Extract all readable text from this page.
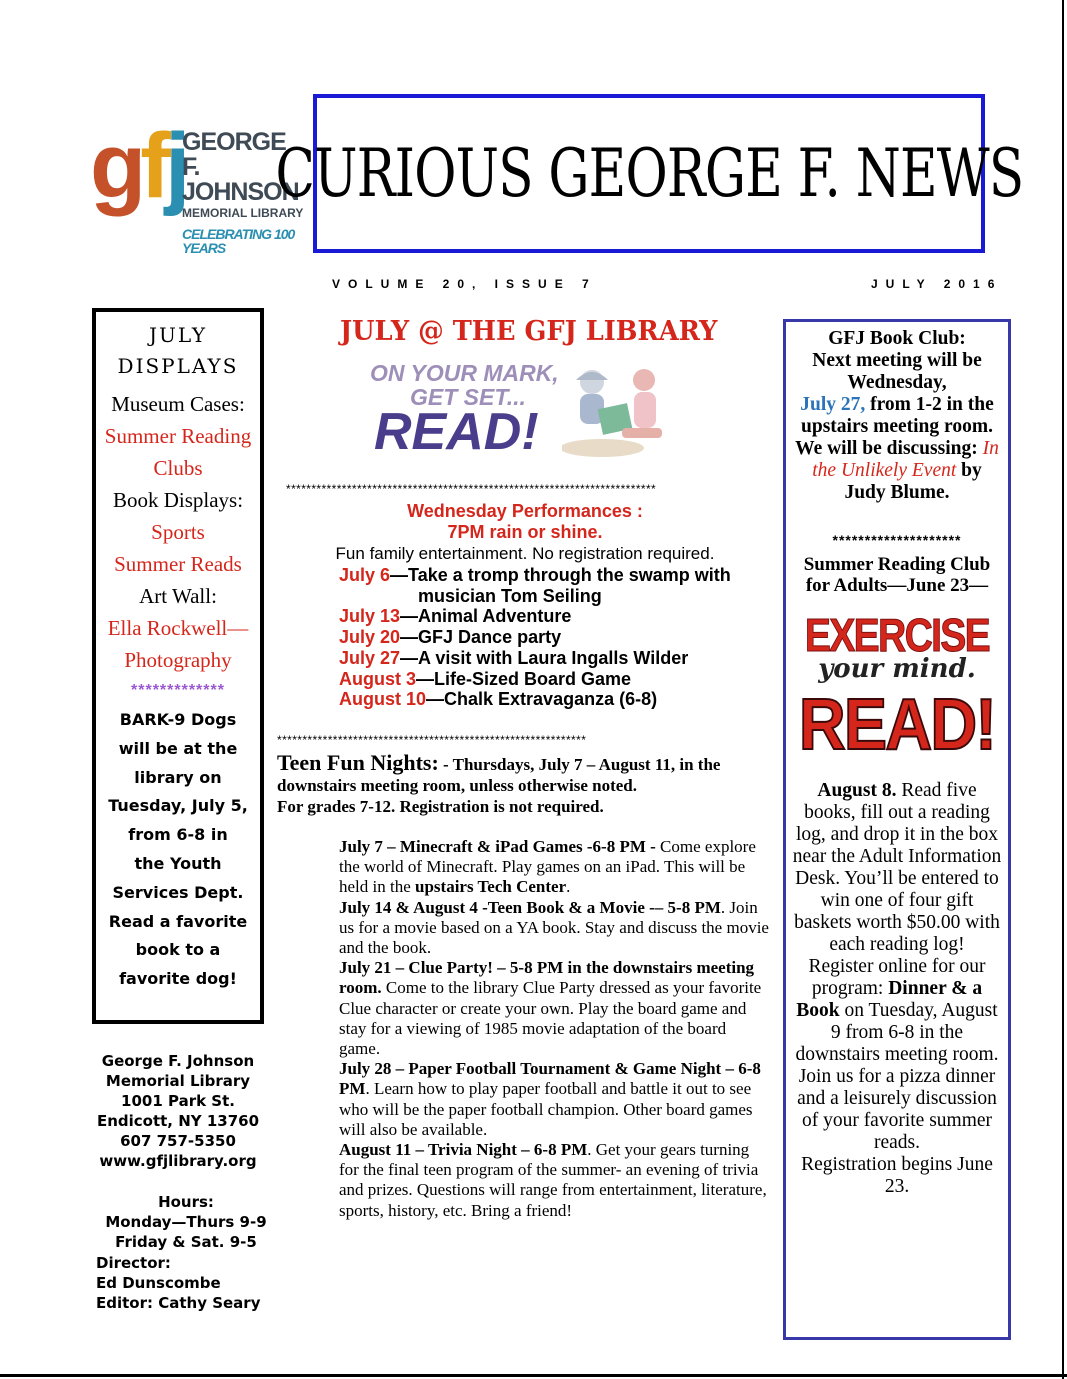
gfj
GEORGE F.
JOHNSON
MEMORIAL LIBRARY
CELEBRATING 100 YEARS
CURIOUS GEORGE F. NEWS
VOLUME 20, ISSUE 7	JULY 2016
JULY
DISPLAYS
Museum Cases:
Summer Reading
Clubs
Book Displays:
Sports
Summer Reads
Art Wall:
Ella Rockwell—
Photography
*************
BARK-9 Dogs
will be at the
library on
Tuesday, July 5,
from 6-8 in
the Youth
Services Dept.
Read a favorite
book to a
favorite dog!
George F. Johnson
Memorial Library
1001 Park St.
Endicott, NY 13760
607 757-5350
www.gfjlibrary.org
Hours:
Monday—Thurs 9-9
Friday & Sat. 9-5
Director:
Ed Dunscombe
Editor: Cathy Seary
JULY @ THE GFJ LIBRARY
ON YOUR MARK,
GET SET...
READ!
*************************************************************************
Wednesday Performances :
7PM rain or shine.
Fun family entertainment. No registration required.
July 6—Take a tromp through the swamp with
musician Tom Seiling
July 13—Animal Adventure
July 20—GFJ Dance party
July 27—A visit with Laura Ingalls Wilder
August 3—Life-Sized Board Game
August 10—Chalk Extravaganza (6-8)
*************************************************************
Teen Fun Nights: - Thursdays, July 7 – August 11, in the downstairs meeting room, unless otherwise noted.
For grades 7-12. Registration is not required.

July 7 – Minecraft & iPad Games -6-8 PM - Come explore the world of Minecraft. Play games on an iPad. This will be held in the upstairs Tech Center.

July 14 & August 4 -Teen Book & a Movie -– 5-8 PM. Join us for a movie based on a YA book. Stay and discuss the movie and the book.

July 21 – Clue Party! – 5-8 PM in the downstairs meeting room. Come to the library Clue Party dressed as your favorite Clue character or create your own. Play the board game and stay for a viewing of 1985 movie adaptation of the board game.

July 28 – Paper Football Tournament & Game Night – 6-8 PM. Learn how to play paper football and battle it out to see who will be the paper football champion. Other board games will also be available.

August 11 – Trivia Night – 6-8 PM. Get your gears turning for the final teen program of the summer- an evening of trivia and prizes. Questions will range from entertainment, literature, sports, history, etc. Bring a friend!

GFJ Book Club:
Next meeting will be Wednesday,
July 27, from 1-2 in the upstairs meeting room. We will be discussing: In the Unlikely Event by Judy Blume.
********************
Summer Reading Club
for Adults—June 23—
EXERCISE
your mind.
READ!
August 8. Read five books, fill out a reading log, and drop it in the box near the Adult Information Desk. You’ll be entered to win one of four gift baskets worth $50.00 with each reading log!
Register online for our program: Dinner & a Book on Tuesday, August 9 from 6-8 in the downstairs meeting room. Join us for a pizza dinner and a leisurely discussion of your favorite summer reads.
Registration begins June 23.
